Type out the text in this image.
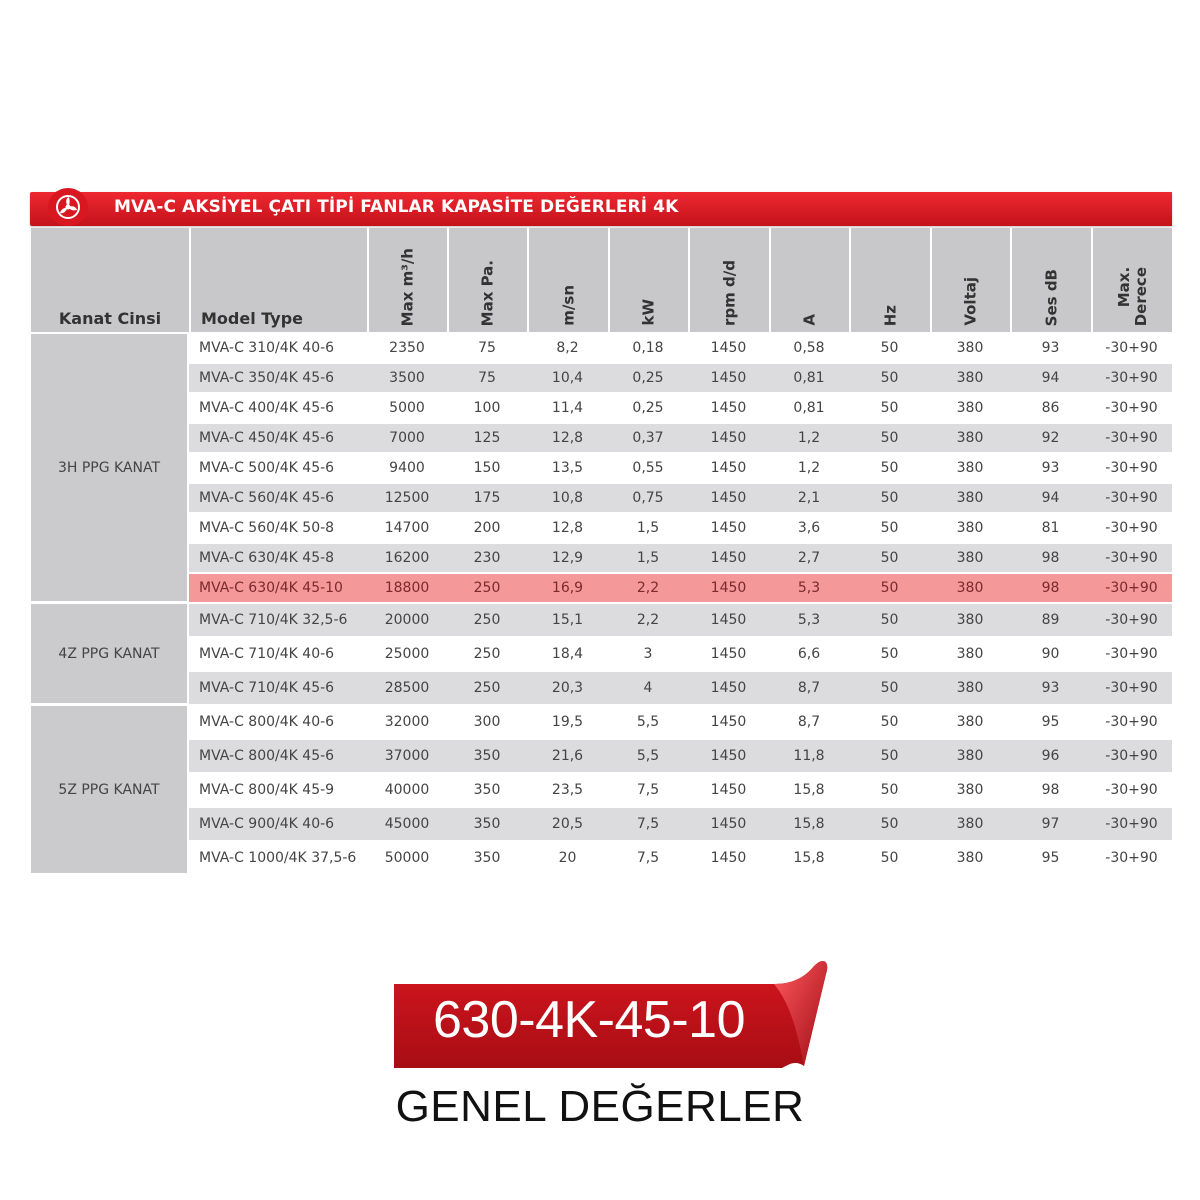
MVA-C AKSİYEL ÇATI TİPİ FANLAR KAPASİTE DEĞERLERİ 4K
Kanat Cinsi	Model Type	Max m³/h	Max Pa.	m/sn	kW	rpm d/d	A	Hz	Voltaj	Ses dB	Max.
Derece

3H PPG KANAT	MVA-C 310/4K 40-6	2350	75	8,2	0,18	1450	0,58	50	380	93	-30+90
	MVA-C 350/4K 45-6	3500	75	10,4	0,25	1450	0,81	50	380	94	-30+90
	MVA-C 400/4K 45-6	5000	100	11,4	0,25	1450	0,81	50	380	86	-30+90
	MVA-C 450/4K 45-6	7000	125	12,8	0,37	1450	1,2	50	380	92	-30+90
	MVA-C 500/4K 45-6	9400	150	13,5	0,55	1450	1,2	50	380	93	-30+90
	MVA-C 560/4K 45-6	12500	175	10,8	0,75	1450	2,1	50	380	94	-30+90
	MVA-C 560/4K 50-8	14700	200	12,8	1,5	1450	3,6	50	380	81	-30+90
	MVA-C 630/4K 45-8	16200	230	12,9	1,5	1450	2,7	50	380	98	-30+90
	MVA-C 630/4K 45-10	18800	250	16,9	2,2	1450	5,3	50	380	98	-30+90
4Z PPG KANAT	MVA-C 710/4K 32,5-6	20000	250	15,1	2,2	1450	5,3	50	380	89	-30+90
	MVA-C 710/4K 40-6	25000	250	18,4	3	1450	6,6	50	380	90	-30+90
	MVA-C 710/4K 45-6	28500	250	20,3	4	1450	8,7	50	380	93	-30+90
5Z PPG KANAT	MVA-C 800/4K 40-6	32000	300	19,5	5,5	1450	8,7	50	380	95	-30+90
	MVA-C 800/4K 45-6	37000	350	21,6	5,5	1450	11,8	50	380	96	-30+90
	MVA-C 800/4K 45-9	40000	350	23,5	7,5	1450	15,8	50	380	98	-30+90
	MVA-C 900/4K 40-6	45000	350	20,5	7,5	1450	15,8	50	380	97	-30+90
	MVA-C 1000/4K 37,5-6	50000	350	20	7,5	1450	15,8	50	380	95	-30+90
630-4K-45-10
GENEL DEĞERLER
